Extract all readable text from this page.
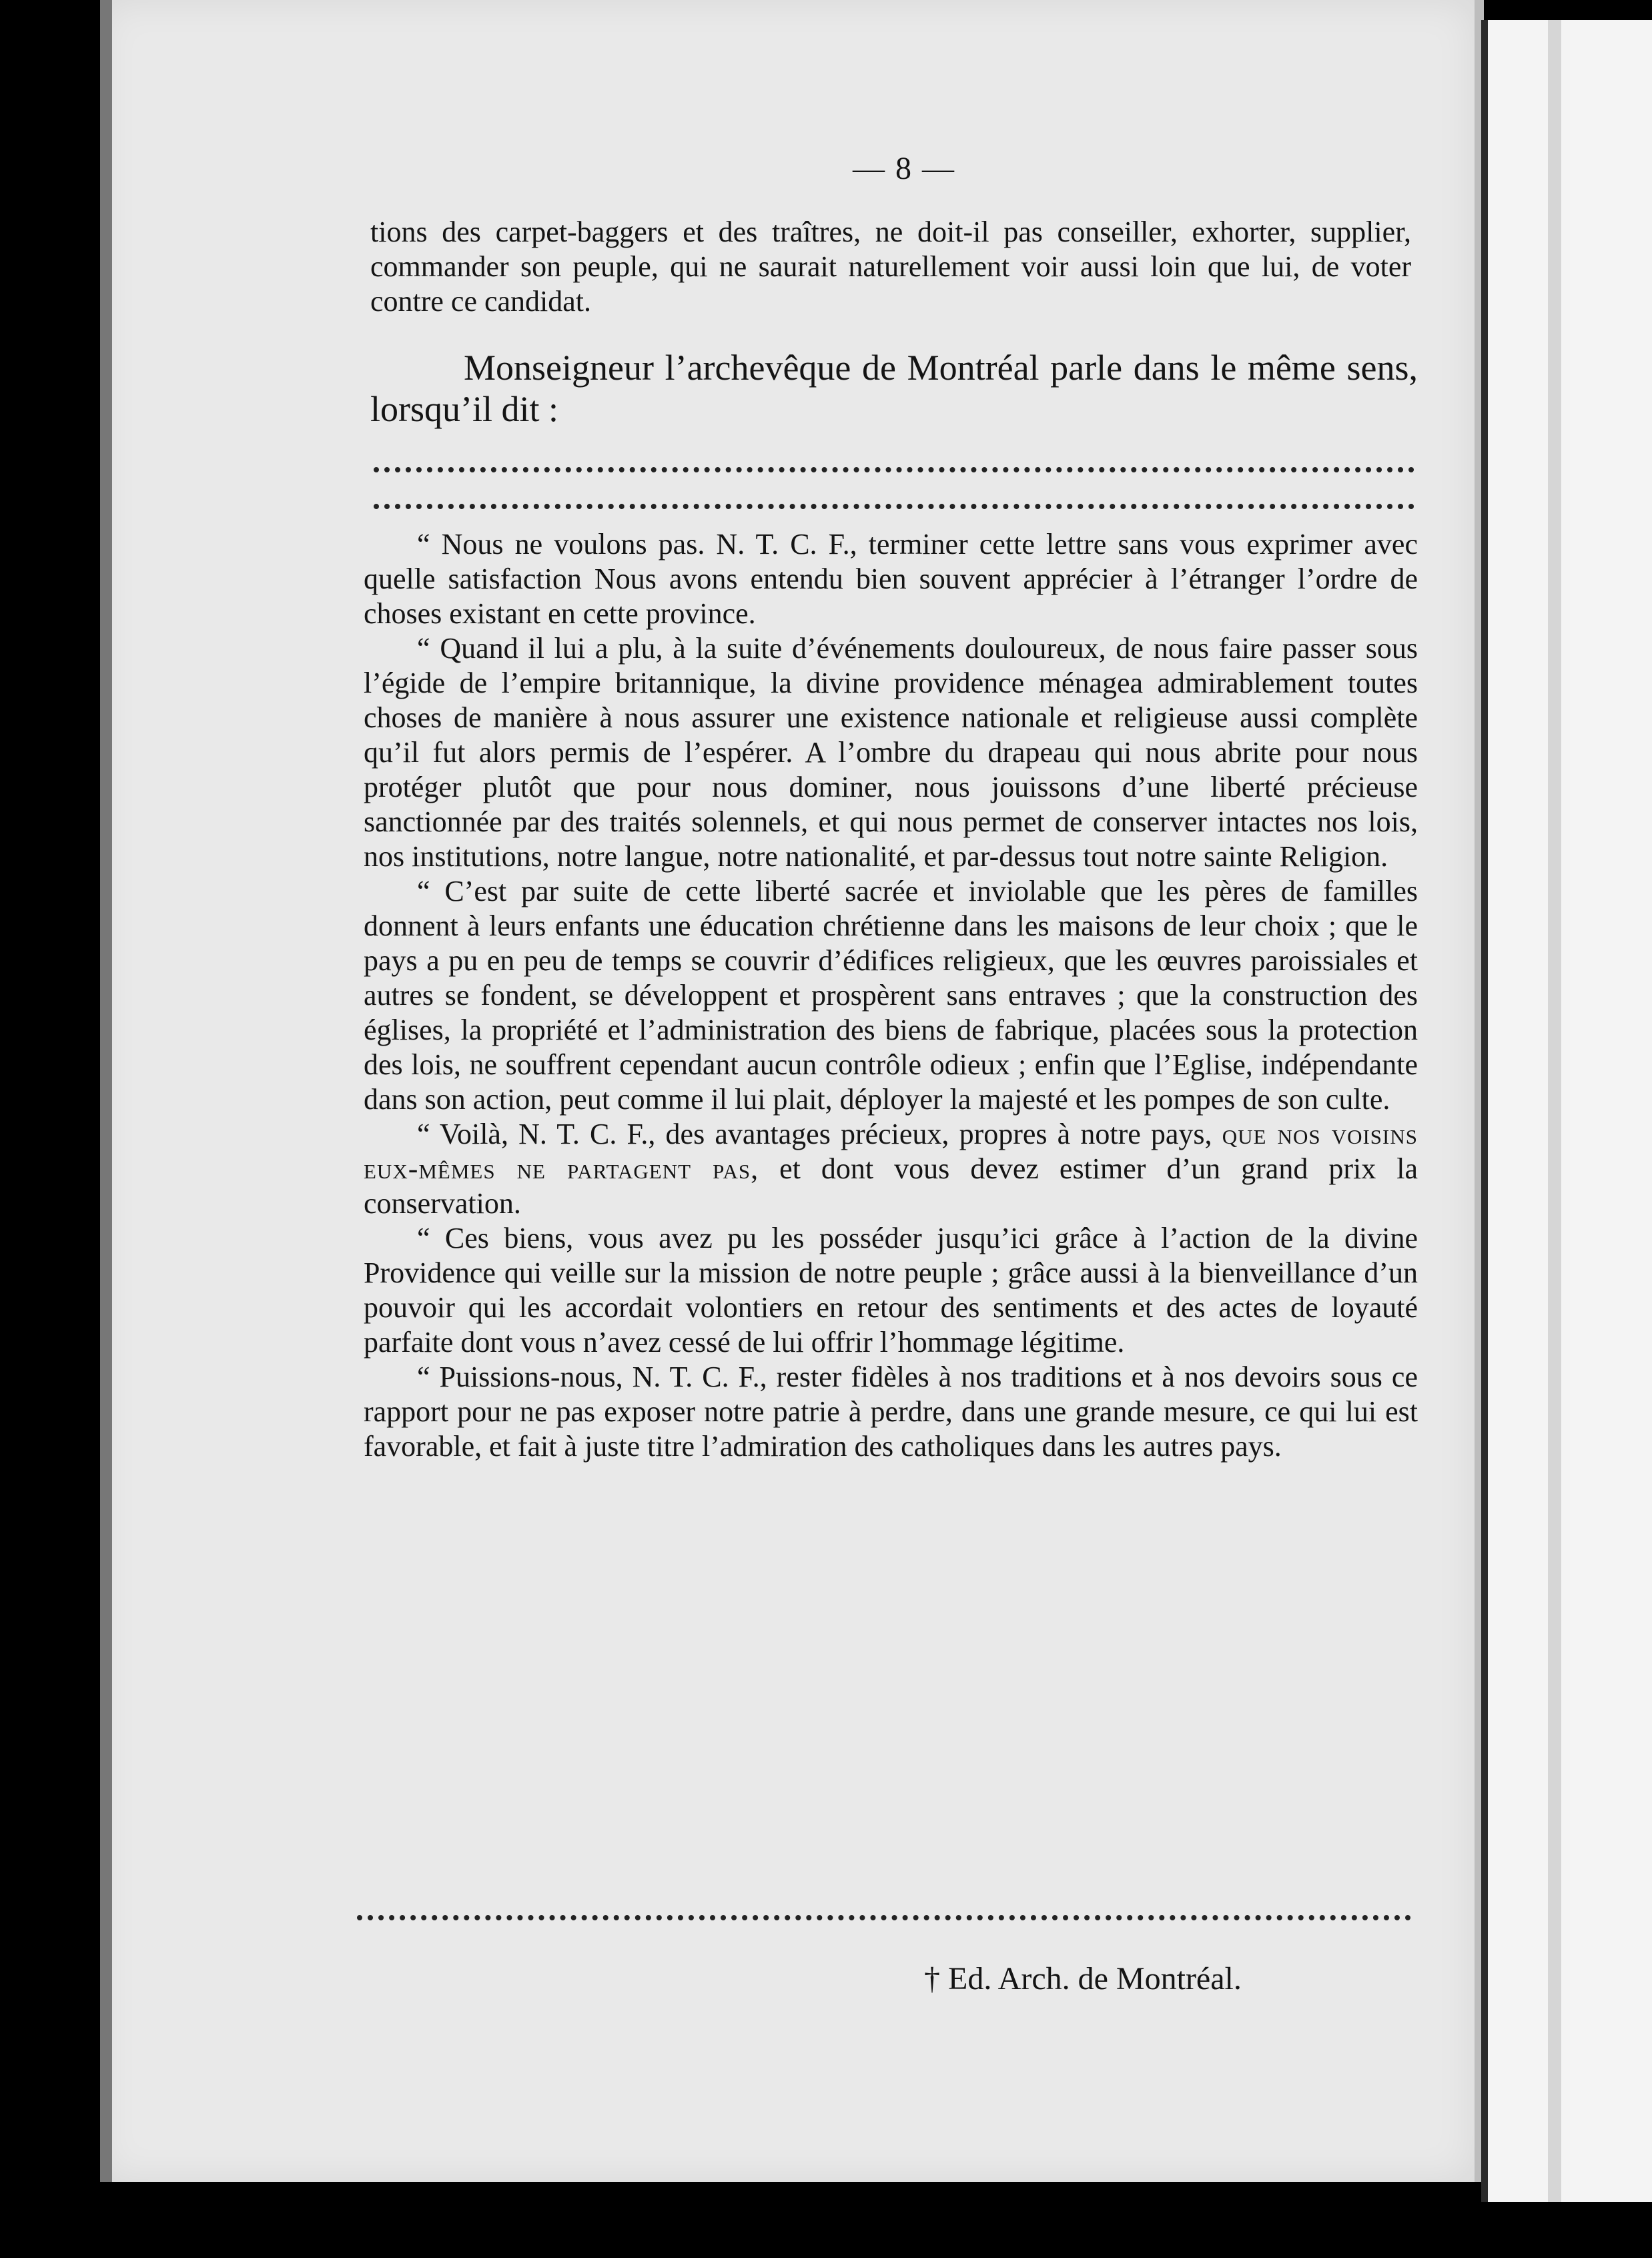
— 8 —

tions des carpet-baggers et des traîtres, ne doit-il pas conseiller, exhorter, supplier, commander son peuple, qui ne saurait naturellement voir aussi loin que lui, de voter contre ce candidat.

Monseigneur l’archevêque de Montréal parle dans le même sens, lorsqu’il dit :

“ Nous ne voulons pas. N. T. C. F., terminer cette lettre sans vous exprimer avec quelle satisfaction Nous avons entendu bien souvent apprécier à l’étranger l’ordre de choses existant en cette province.

“ Quand il lui a plu, à la suite d’événements douloureux, de nous faire passer sous l’égide de l’empire britannique, la divine providence ménagea admirablement toutes choses de manière à nous assurer une existence nationale et religieuse aussi complète qu’il fut alors permis de l’espérer. A l’ombre du drapeau qui nous abrite pour nous protéger plutôt que pour nous dominer, nous jouissons d’une liberté précieuse sanctionnée par des traités solennels, et qui nous permet de conserver intactes nos lois, nos institutions, notre langue, notre nationalité, et par-dessus tout notre sainte Religion.

“ C’est par suite de cette liberté sacrée et inviolable que les pères de familles donnent à leurs enfants une éducation chrétienne dans les maisons de leur choix ; que le pays a pu en peu de temps se couvrir d’édifices religieux, que les œuvres paroissiales et autres se fondent, se développent et prospèrent sans entraves ; que la construction des églises, la propriété et l’administration des biens de fabrique, placées sous la protection des lois, ne souffrent cependant aucun contrôle odieux ; enfin que l’Eglise, indépendante dans son action, peut comme il lui plait, déployer la majesté et les pompes de son culte.

“ Voilà, N. T. C. F., des avantages précieux, propres à notre pays, que nos voisins eux-mêmes ne partagent pas, et dont vous devez estimer d’un grand prix la conservation.

“ Ces biens, vous avez pu les posséder jusqu’ici grâce à l’action de la divine Providence qui veille sur la mission de notre peuple ; grâce aussi à la bienveillance d’un pouvoir qui les accordait volontiers en retour des sentiments et des actes de loyauté parfaite dont vous n’avez cessé de lui offrir l’hommage légitime.

“ Puissions-nous, N. T. C. F., rester fidèles à nos traditions et à nos devoirs sous ce rapport pour ne pas exposer notre patrie à perdre, dans une grande mesure, ce qui lui est favorable, et fait à juste titre l’admiration des catholiques dans les autres pays.

† Ed. Arch. de Montréal.
